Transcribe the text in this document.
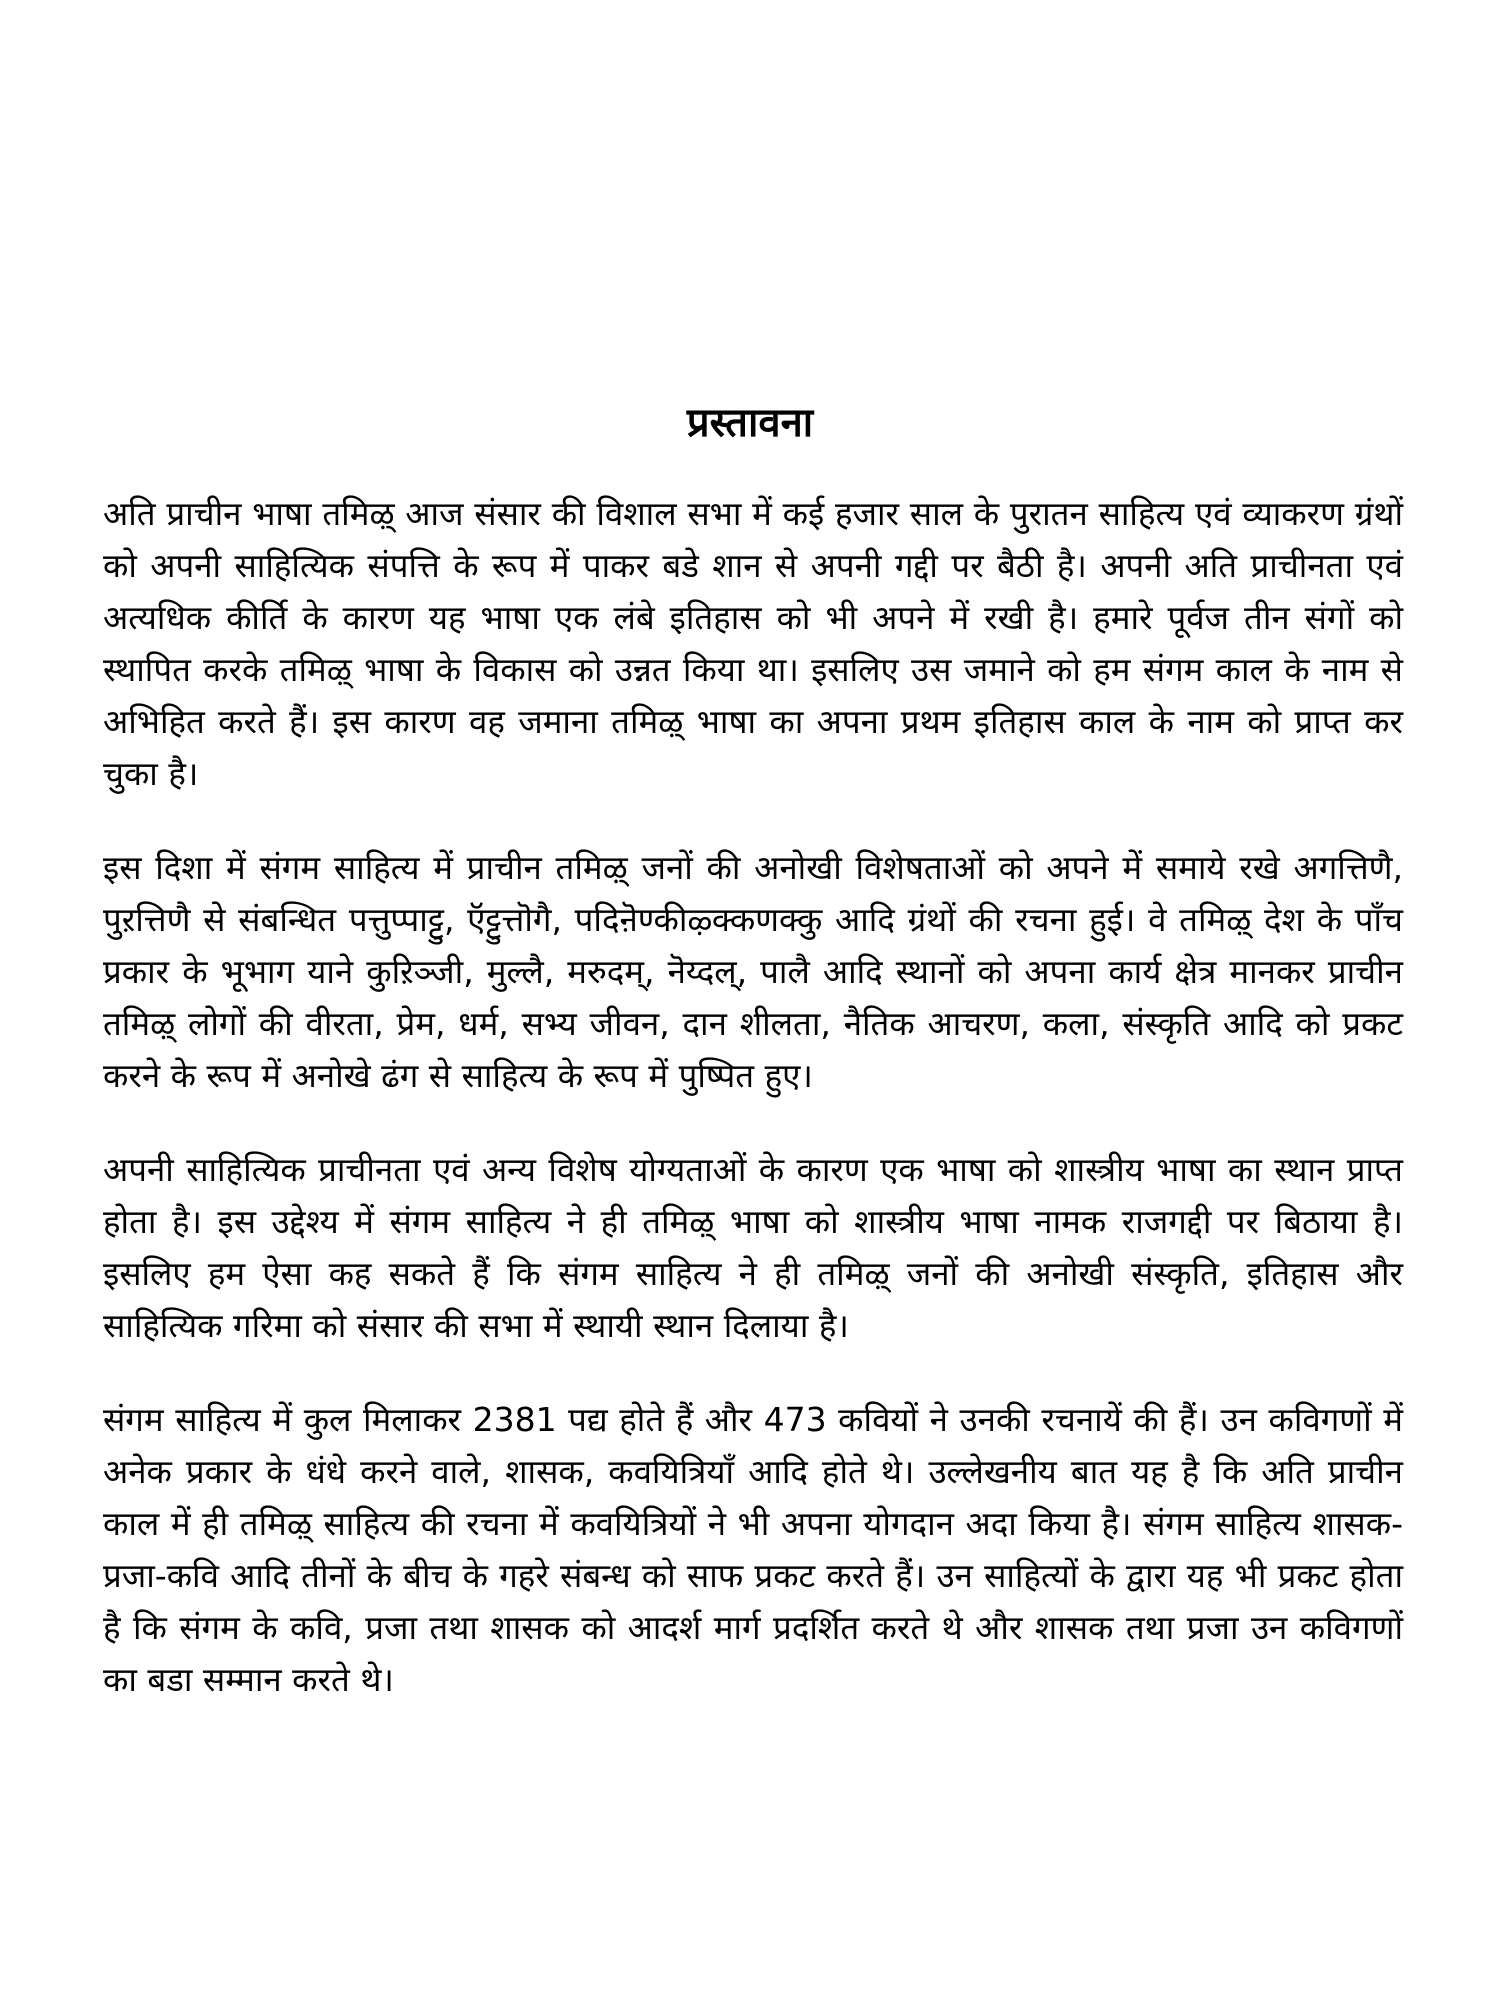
प्रस्तावना

अति प्राचीन भाषा तमिऴ् आज संसार की विशाल सभा में कई हजार साल के पुरातन साहित्य एवं व्याकरण ग्रंथों को अपनी साहित्यिक संपत्ति के रूप में पाकर बडे शान से अपनी गद्दी पर बैठी है। अपनी अति प्राचीनता एवं अत्यधिक कीर्ति के कारण यह भाषा एक लंबे इतिहास को भी अपने में रखी है। हमारे पूर्वज तीन संगों को स्थापित करके तमिऴ् भाषा के विकास को उन्नत किया था। इसलिए उस जमाने को हम संगम काल के नाम से अभिहित करते हैं। इस कारण वह जमाना तमिऴ् भाषा का अपना प्रथम इतिहास काल के नाम को प्राप्त कर चुका है।

इस दिशा में संगम साहित्य में प्राचीन तमिऴ् जनों की अनोखी विशेषताओं को अपने में समाये रखे अगत्तिणै, पुऱत्तिणै से संबन्धित पत्तुप्पाट्टु, ऍट्टुत्तॊगै, पदिऩॆण्कीऴ्क्कणक्कु आदि ग्रंथों की रचना हुई। वे तमिऴ् देश के पाँच प्रकार के भूभाग याने कुऱिञ्जी, मुल्लै, मरुदम्, नॆय्दल्, पालै आदि स्थानों को अपना कार्य क्षेत्र मानकर प्राचीन तमिऴ् लोगों की वीरता, प्रेम, धर्म, सभ्य जीवन, दान शीलता, नैतिक आचरण, कला, संस्कृति आदि को प्रकट करने के रूप में अनोखे ढंग से साहित्य के रूप में पुष्पित हुए।

अपनी साहित्यिक प्राचीनता एवं अन्य विशेष योग्यताओं के कारण एक भाषा को शास्त्रीय भाषा का स्थान प्राप्त होता है। इस उद्देश्य में संगम साहित्य ने ही तमिऴ् भाषा को शास्त्रीय भाषा नामक राजगद्दी पर बिठाया है। इसलिए हम ऐसा कह सकते हैं कि संगम साहित्य ने ही तमिऴ् जनों की अनोखी संस्कृति, इतिहास और साहित्यिक गरिमा को संसार की सभा में स्थायी स्थान दिलाया है।

संगम साहित्य में कुल मिलाकर 2381 पद्य होते हैं और 473 कवियों ने उनकी रचनायें की हैं। उन कविगणों में अनेक प्रकार के धंधे करने वाले, शासक, कवयित्रियाँ आदि होते थे। उल्लेखनीय बात यह है कि अति प्राचीन काल में ही तमिऴ् साहित्य की रचना में कवयित्रियों ने भी अपना योगदान अदा किया है। संगम साहित्य शासक-प्रजा-कवि आदि तीनों के बीच के गहरे संबन्ध को साफ प्रकट करते हैं। उन साहित्यों के द्वारा यह भी प्रकट होता है कि संगम के कवि, प्रजा तथा शासक को आदर्श मार्ग प्रदर्शित करते थे और शासक तथा प्रजा उन कविगणों का बडा सम्मान करते थे।
